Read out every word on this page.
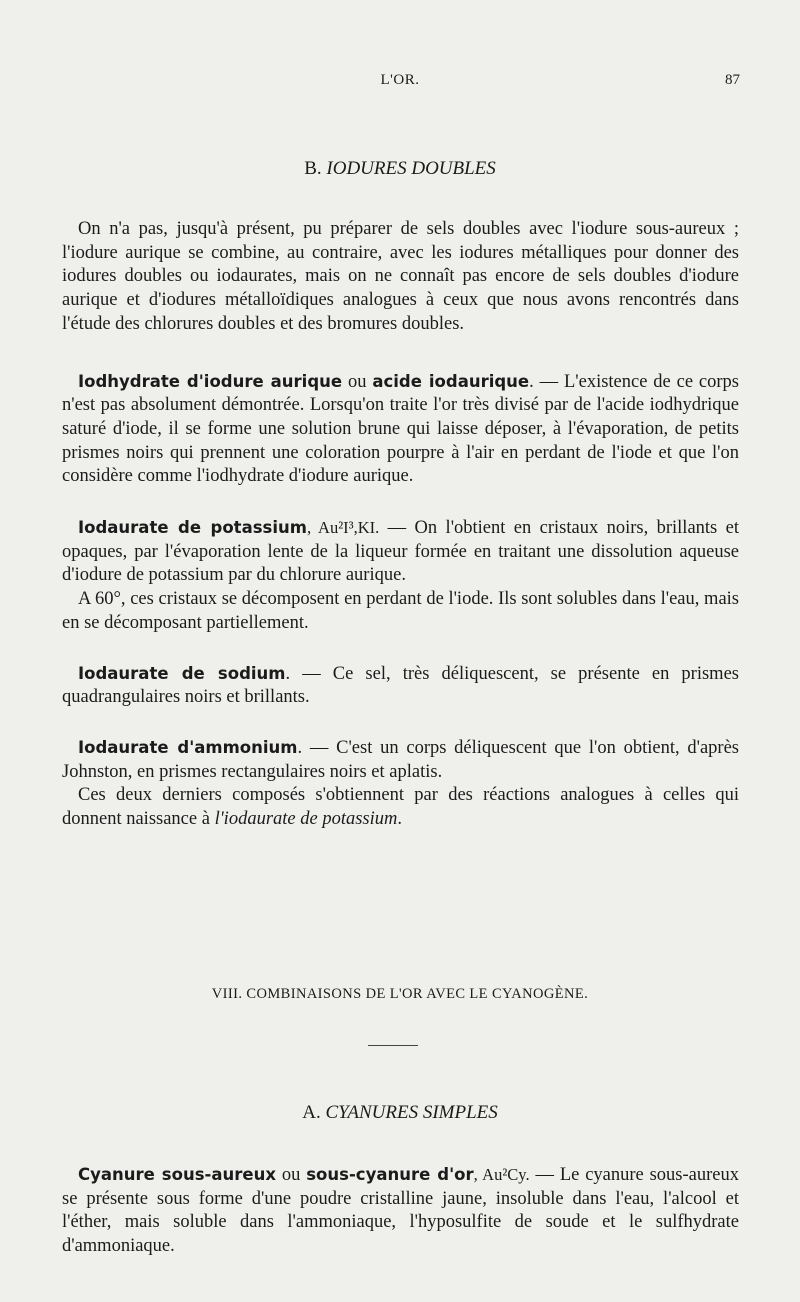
L'OR.	87
B. IODURES DOUBLES

On n'a pas, jusqu'à présent, pu préparer de sels doubles avec l'iodure sous-aureux ; l'iodure aurique se combine, au contraire, avec les iodures métalliques pour donner des iodures doubles ou iodaurates, mais on ne connaît pas encore de sels doubles d'iodure aurique et d'iodures métalloïdiques analogues à ceux que nous avons rencontrés dans l'étude des chlorures doubles et des bromures doubles.

Iodhydrate d'iodure aurique ou acide iodaurique. — L'existence de ce corps n'est pas absolument démontrée. Lorsqu'on traite l'or très divisé par de l'acide iodhydrique saturé d'iode, il se forme une solution brune qui laisse déposer, à l'évaporation, de petits prismes noirs qui prennent une coloration pourpre à l'air en perdant de l'iode et que l'on considère comme l'iodhydrate d'iodure aurique.

Iodaurate de potassium, Au²I³,KI. — On l'obtient en cristaux noirs, brillants et opaques, par l'évaporation lente de la liqueur formée en traitant une dissolution aqueuse d'iodure de potassium par du chlorure aurique.

A 60°, ces cristaux se décomposent en perdant de l'iode. Ils sont solubles dans l'eau, mais en se décomposant partiellement.

Iodaurate de sodium. — Ce sel, très déliquescent, se présente en prismes quadrangulaires noirs et brillants.

Iodaurate d'ammonium. — C'est un corps déliquescent que l'on obtient, d'après Johnston, en prismes rectangulaires noirs et aplatis.

Ces deux derniers composés s'obtiennent par des réactions analogues à celles qui donnent naissance à l'iodaurate de potassium.

VIII. COMBINAISONS DE L'OR AVEC LE CYANOGÈNE.
A. CYANURES SIMPLES

Cyanure sous-aureux ou sous-cyanure d'or, Au²Cy. — Le cyanure sous-aureux se présente sous forme d'une poudre cristalline jaune, insoluble dans l'eau, l'alcool et l'éther, mais soluble dans l'ammoniaque, l'hyposulfite de soude et le sulfhydrate d'ammoniaque.
